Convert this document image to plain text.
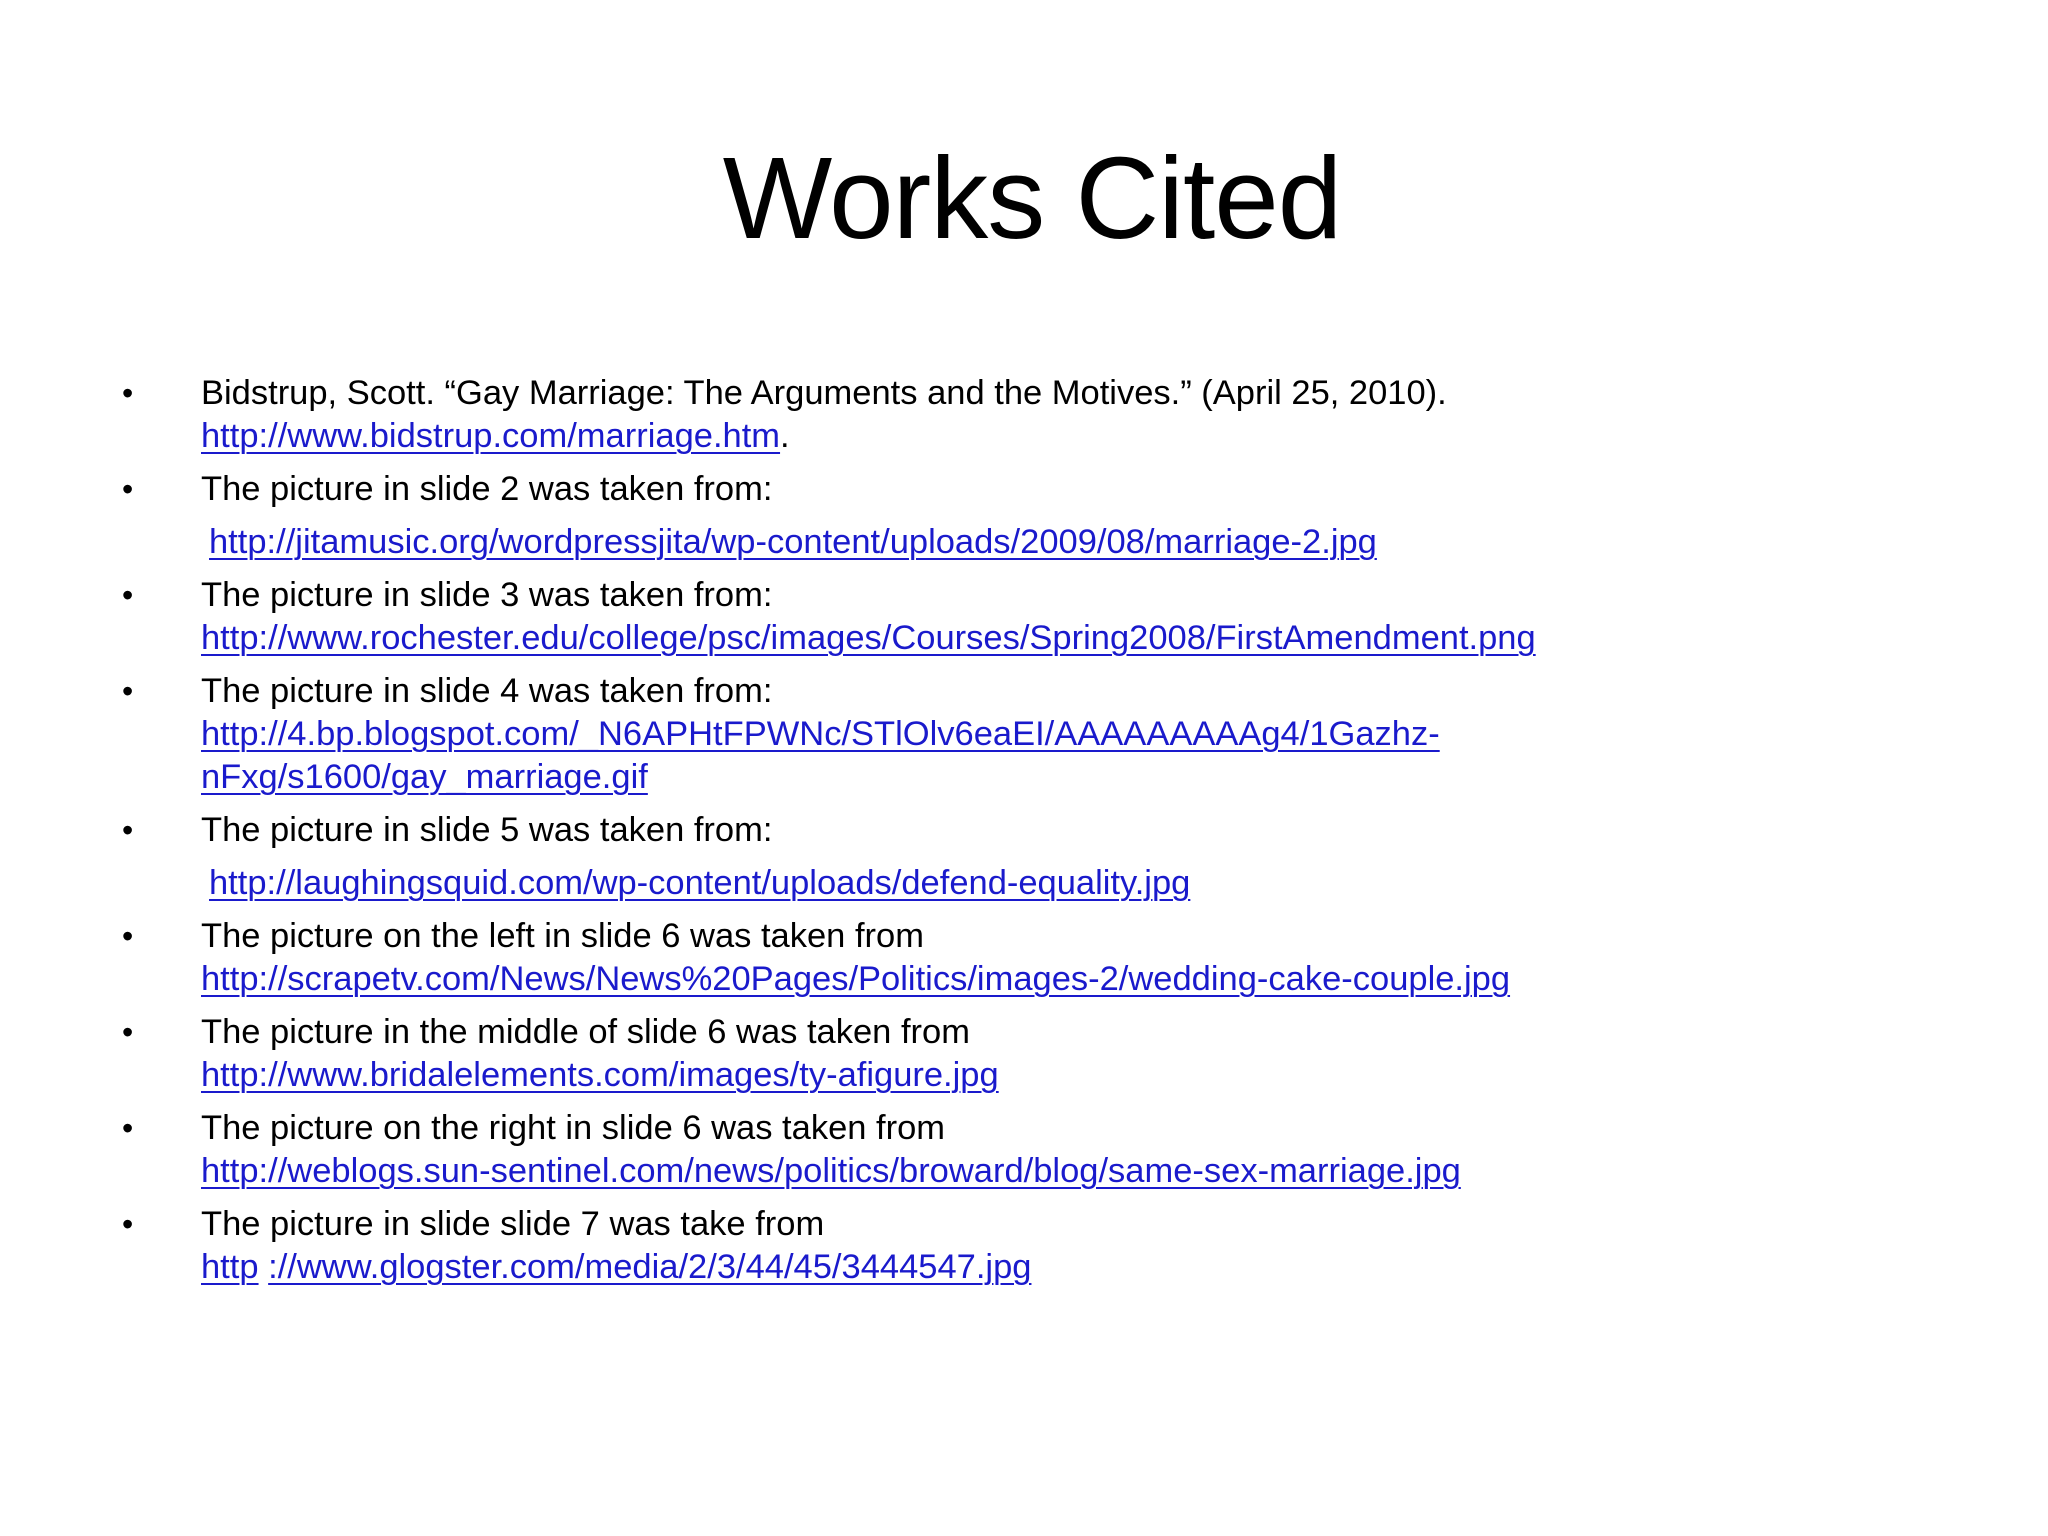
Works Cited
• Bidstrup, Scott. “Gay Marriage: The Arguments and the Motives.” (April 25, 2010).
http://www.bidstrup.com/marriage.htm.
• The picture in slide 2 was taken from:
http://jitamusic.org/wordpressjita/wp-content/uploads/2009/08/marriage-2.jpg
• The picture in slide 3 was taken from:
http://www.rochester.edu/college/psc/images/Courses/Spring2008/FirstAmendment.png
• The picture in slide 4 was taken from:
http://4.bp.blogspot.com/_N6APHtFPWNc/STlOlv6eaEI/AAAAAAAAAg4/1Gazhz-
nFxg/s1600/gay_marriage.gif
• The picture in slide 5 was taken from:
http://laughingsquid.com/wp-content/uploads/defend-equality.jpg
• The picture on the left in slide 6 was taken from
http://scrapetv.com/News/News%20Pages/Politics/images-2/wedding-cake-couple.jpg
• The picture in the middle of slide 6 was taken from
http://www.bridalelements.com/images/ty-afigure.jpg
• The picture on the right in slide 6 was taken from
http://weblogs.sun-sentinel.com/news/politics/broward/blog/same-sex-marriage.jpg
• The picture in slide slide 7 was take from
http ://www.glogster.com/media/2/3/44/45/3444547.jpg
